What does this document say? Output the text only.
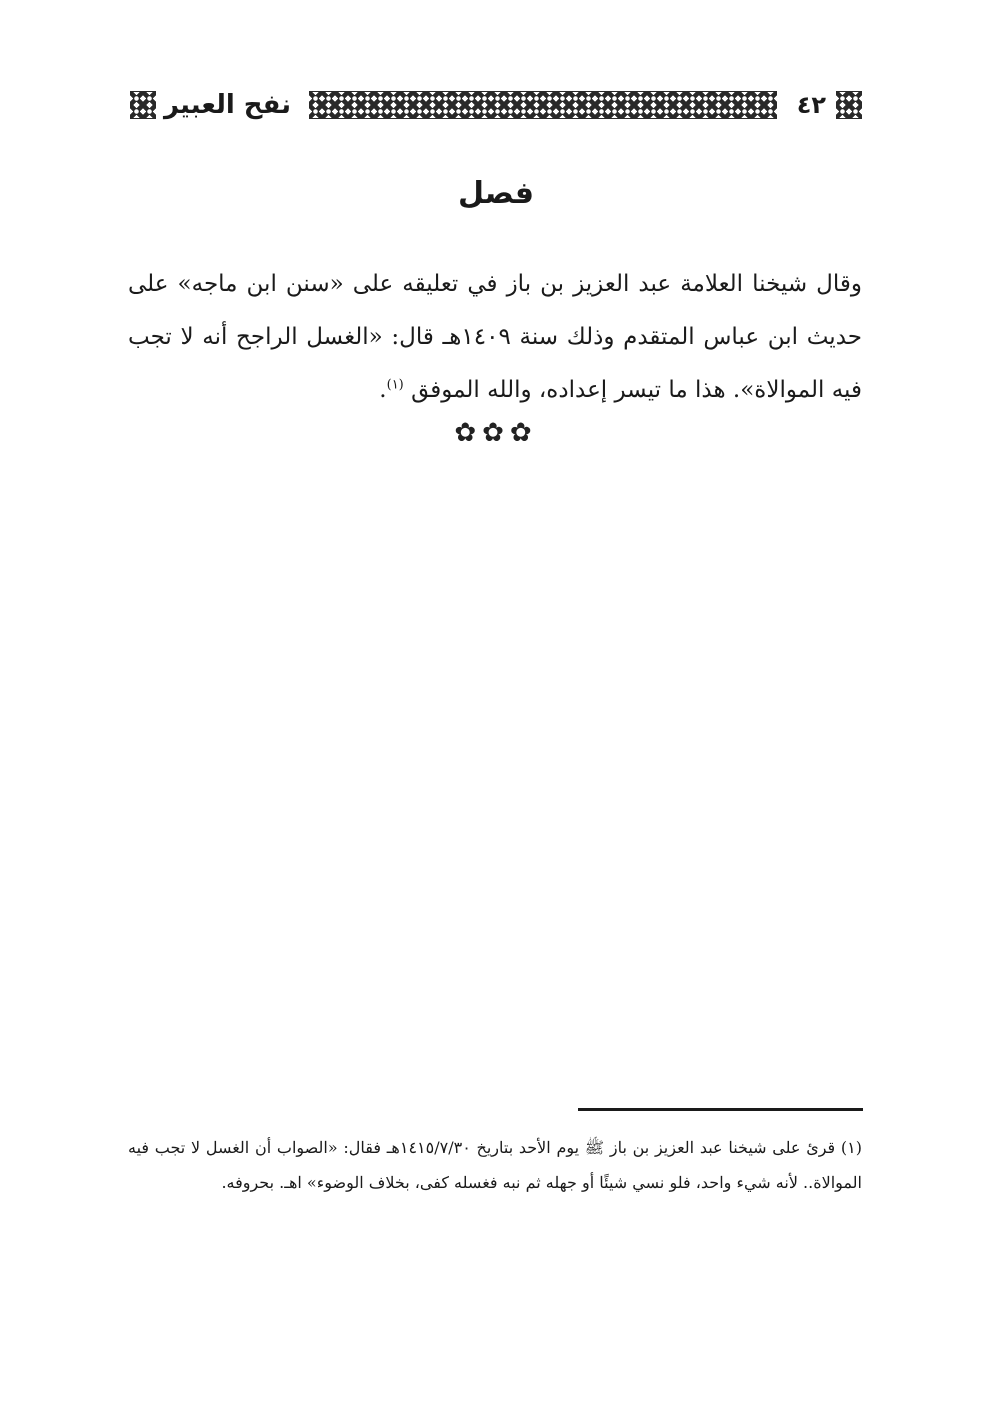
٤٢
نفح العبير
فصل

وقال شيخنا العلامة عبد العزيز بن باز في تعليقه على «سنن ابن ماجه» على حديث ابن عباس المتقدم وذلك سنة ١٤٠٩هـ قال: «الغسل الراجح أنه لا تجب فيه الموالاة». هذا ما تيسر إعداده، والله الموفق $^{(١)}$.

✿✿✿

(١) قرئ على شيخنا عبد العزيز بن باز ﷺ يوم الأحد بتاريخ ١٤١٥/٧/٣٠هـ فقال: «الصواب أن الغسل لا تجب فيه الموالاة.. لأنه شيء واحد، فلو نسي شيئًا أو جهله ثم نبه فغسله كفى، بخلاف الوضوء» اهـ. بحروفه.
